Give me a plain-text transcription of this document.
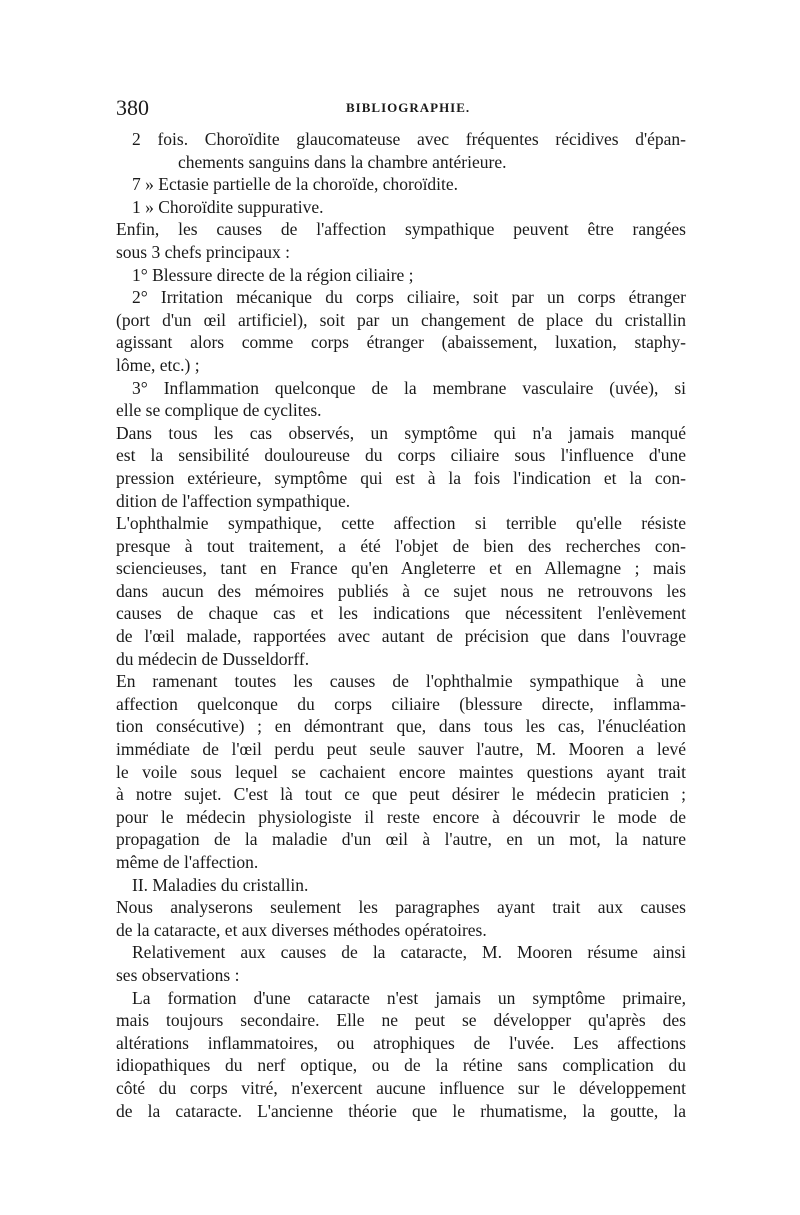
380	BIBLIOGRAPHIE.
2 fois. Choroïdite glaucomateuse avec fréquentes récidives d'épan-
chements sanguins dans la chambre antérieure.
7 » Ectasie partielle de la choroïde, choroïdite.
1 » Choroïdite suppurative.
Enfin, les causes de l'affection sympathique peuvent être rangées
sous 3 chefs principaux :
1° Blessure directe de la région ciliaire ;
2° Irritation mécanique du corps ciliaire, soit par un corps étranger
(port d'un œil artificiel), soit par un changement de place du cristallin
agissant alors comme corps étranger (abaissement, luxation, staphy-
lôme, etc.) ;
3° Inflammation quelconque de la membrane vasculaire (uvée), si
elle se complique de cyclites.
Dans tous les cas observés, un symptôme qui n'a jamais manqué
est la sensibilité douloureuse du corps ciliaire sous l'influence d'une
pression extérieure, symptôme qui est à la fois l'indication et la con-
dition de l'affection sympathique.
L'ophthalmie sympathique, cette affection si terrible qu'elle résiste
presque à tout traitement, a été l'objet de bien des recherches con-
sciencieuses, tant en France qu'en Angleterre et en Allemagne ; mais
dans aucun des mémoires publiés à ce sujet nous ne retrouvons les
causes de chaque cas et les indications que nécessitent l'enlèvement
de l'œil malade, rapportées avec autant de précision que dans l'ouvrage
du médecin de Dusseldorff.
En ramenant toutes les causes de l'ophthalmie sympathique à une
affection quelconque du corps ciliaire (blessure directe, inflamma-
tion consécutive) ; en démontrant que, dans tous les cas, l'énucléation
immédiate de l'œil perdu peut seule sauver l'autre, M. Mooren a levé
le voile sous lequel se cachaient encore maintes questions ayant trait
à notre sujet. C'est là tout ce que peut désirer le médecin praticien ;
pour le médecin physiologiste il reste encore à découvrir le mode de
propagation de la maladie d'un œil à l'autre, en un mot, la nature
même de l'affection.
II. Maladies du cristallin.
Nous analyserons seulement les paragraphes ayant trait aux causes
de la cataracte, et aux diverses méthodes opératoires.
Relativement aux causes de la cataracte, M. Mooren résume ainsi
ses observations :
La formation d'une cataracte n'est jamais un symptôme primaire,
mais toujours secondaire. Elle ne peut se développer qu'après des
altérations inflammatoires, ou atrophiques de l'uvée. Les affections
idiopathiques du nerf optique, ou de la rétine sans complication du
côté du corps vitré, n'exercent aucune influence sur le développement
de la cataracte. L'ancienne théorie que le rhumatisme, la goutte, la
